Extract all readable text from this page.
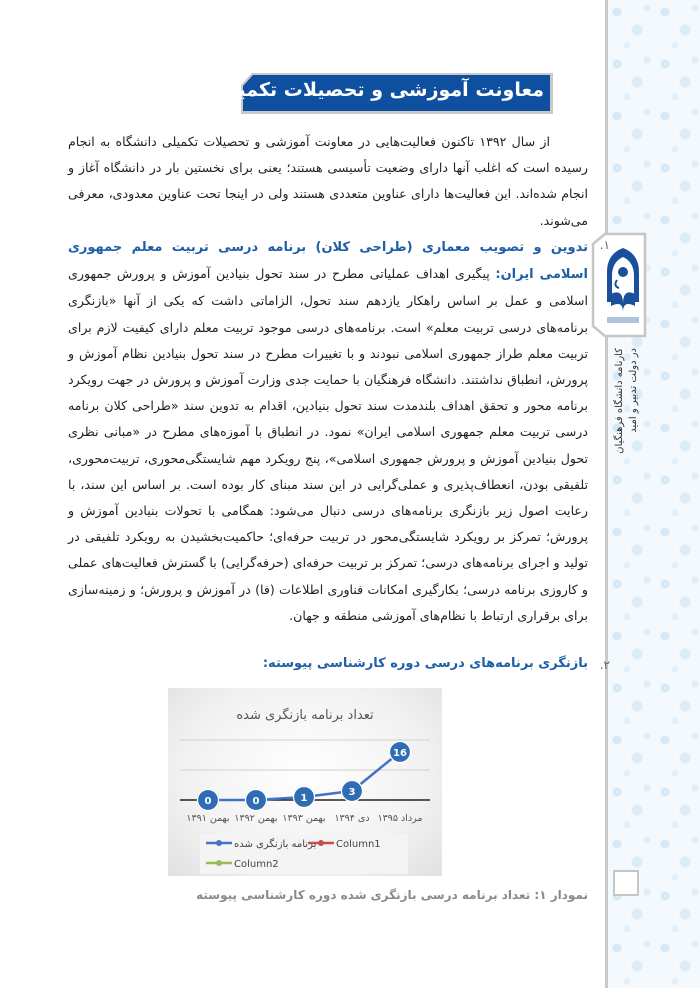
کارنامه دانشگاه فرهنگیان در دولت تدبیر و امید
معاونت آموزشی و تحصیلات تکمیلی
از سال ۱۳۹۲ تاکنون فعالیت‌هایی در معاونت آموزشی و تحصیلات تکمیلی دانشگاه به انجام رسیده است که اغلب آنها دارای وضعیت تأسیسی هستند؛ یعنی برای نخستین بار در دانشگاه آغاز و انجام شده‌اند. این فعالیت‌ها دارای عناوین متعددی هستند ولی در اینجا تحت عناوین معدودی، معرفی می‌شوند.
۱.
تدوین و تصویب معماری (طراحی کلان) برنامه درسی تربیت معلم جمهوری اسلامی ایران: پیگیری اهداف عملیاتی مطرح در سند تحول بنیادین آموزش و پرورش جمهوری اسلامی و عمل بر اساس راهکار یازدهم سند تحول، الزاماتی داشت که یکی از آنها «بازنگری برنامه‌های درسی تربیت معلم» است. برنامه‌های درسی موجود تربیت معلم دارای کیفیت لازم برای تربیت معلم طراز جمهوری اسلامی نبودند و با تغییرات مطرح در سند تحول بنیادین نظام آموزش و پرورش، انطباق نداشتند. دانشگاه فرهنگیان با حمایت جدی وزارت آموزش و پرورش در جهت رویکرد برنامه محور و تحقق اهداف بلندمدت سند تحول بنیادین، اقدام به تدوین سند «طراحی کلان برنامه درسی تربیت معلم جمهوری اسلامی ایران» نمود. در انطباق با آموزه‌های مطرح در «مبانی نظری تحول بنیادین آموزش و پرورش جمهوری اسلامی»، پنج رویکرد مهم شایستگی‌محوری، تربیت‌محوری، تلفیقی بودن، انعطاف‌پذیری و عملی‌گرایی در این سند مبنای کار بوده است. بر اساس این سند، با رعایت اصول زیر بازنگری برنامه‌های درسی دنبال می‌شود: همگامی با تحولات بنیادین آموزش و پرورش؛ تمرکز بر رویکرد شایستگی‌محور در تربیت حرفه‌ای؛ حاکمیت‌بخشیدن به رویکرد تلفیقی در تولید و اجرای برنامه‌های درسی؛ تمرکز بر تربیت حرفه‌ای (حرفه‌گرایی) با گسترش فعالیت‌های عملی و کاروزی برنامه درسی؛ بکارگیری امکانات فناوری اطلاعات (فا) در آموزش و پرورش؛ و زمینه‌سازی برای برقراری ارتباط با نظام‌های آموزشی منطقه و جهان.
۲.
بازنگری برنامه‌های درسی دوره کارشناسی پیوسته:
تعداد برنامه بازنگری شده
بهمن ۱۳۹۱ بهمن ۱۳۹۲ بهمن ۱۳۹۳ دی ۱۳۹۴ مرداد ۱۳۹۵
0	0	1
3
16
برنامه بازنگری شده Column1
Column2
نمودار ۱: تعداد برنامه درسی بازنگری شده دوره کارشناسی پیوسته
